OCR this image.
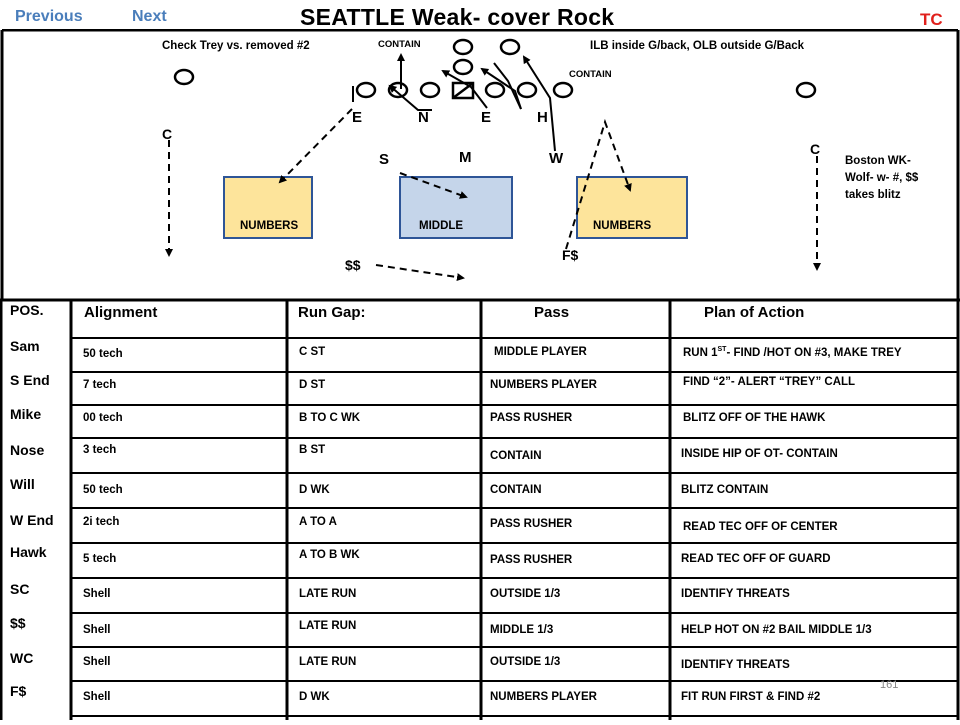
Previous	Next	SEATTLE Weak- cover Rock	TC
Check Trey vs. removed #2	CONTAIN	ILB inside G/back, OLB outside G/Back
CONTAIN
Boston WK-
Wolf- w- #, $$
takes blitz
E	N	E	H
S	M	W
C
C
$$
F$
NUMBERS	MIDDLE	NUMBERS
POS.	Alignment	Run Gap:	Pass	Plan of Action
Sam	50 tech	C ST	MIDDLE PLAYER	RUN 1ST- FIND /HOT ON #3, MAKE TREY
S End	7 tech	D ST	NUMBERS PLAYER	FIND “2”- ALERT “TREY” CALL
Mike	00 tech	B TO C WK	PASS RUSHER	BLITZ OFF OF THE HAWK
Nose	3 tech	B ST	CONTAIN	INSIDE HIP OF OT- CONTAIN
Will	50 tech	D WK	CONTAIN	BLITZ CONTAIN
W End	2i tech	A TO A	PASS RUSHER	READ TEC OFF OF CENTER
Hawk	5 tech	A TO B WK	PASS RUSHER	READ TEC OFF OF GUARD
SC	Shell	LATE RUN	OUTSIDE 1/3	IDENTIFY THREATS
$$	Shell	LATE RUN	MIDDLE 1/3	HELP HOT ON #2 BAIL MIDDLE 1/3
WC	Shell	LATE RUN	OUTSIDE 1/3	IDENTIFY THREATS
F$	Shell	D WK	NUMBERS PLAYER	FIT RUN FIRST & FIND #2
161
